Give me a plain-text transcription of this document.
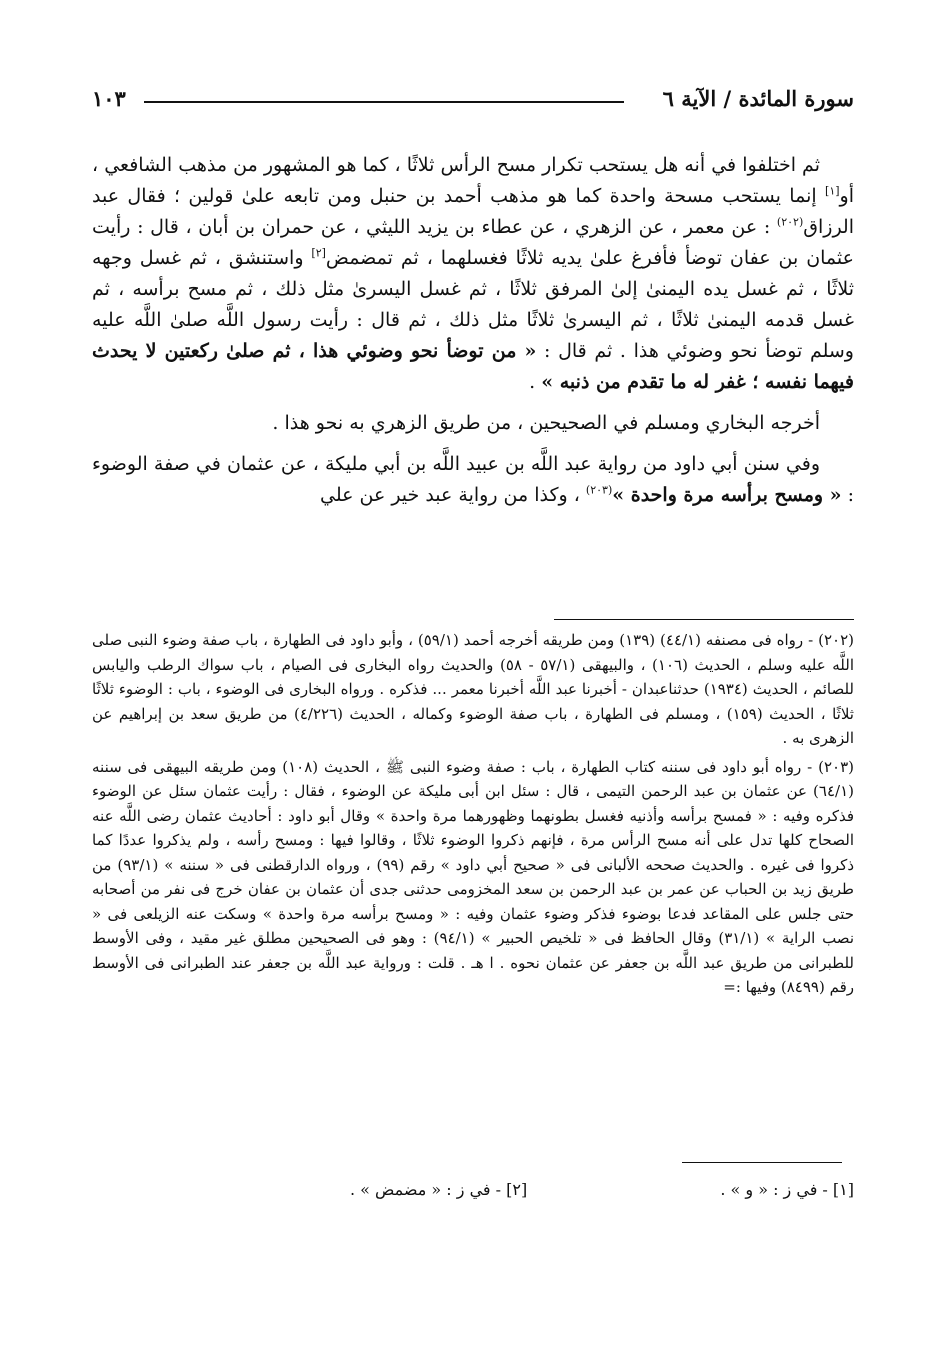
سورة المائدة / الآية ٦
١٠٣

ثم اختلفوا في أنه هل يستحب تكرار مسح الرأس ثلاثًا ، كما هو المشهور من مذهب الشافعي ، أو[١] إنما يستحب مسحة واحدة كما هو مذهب أحمد بن حنبل ومن تابعه علىٰ قولين ؛ فقال عبد الرزاق$^{(٢٠٢)}$ : عن معمر ، عن الزهري ، عن عطاء بن يزيد الليثي ، عن حمران بن أبان ، قال : رأيت عثمان بن عفان توضأ فأفرغ علىٰ يديه ثلاثًا فغسلهما ، ثم تمضمض[٢] واستنشق ، ثم غسل وجهه ثلاثًا ، ثم غسل يده اليمنىٰ إلىٰ المرفق ثلاثًا ، ثم غسل اليسرىٰ مثل ذلك ، ثم مسح برأسه ، ثم غسل قدمه اليمنىٰ ثلاثًا ، ثم اليسرىٰ ثلاثًا مثل ذلك ، ثم قال : رأيت رسول اللَّه صلىٰ اللَّه عليه وسلم توضأ نحو وضوئي هذا . ثم قال : « من توضأ نحو وضوئي هذا ، ثم صلىٰ ركعتين لا يحدث فيهما نفسه ؛ غفر له ما تقدم من ذنبه » .

أخرجه البخاري ومسلم في الصحيحين ، من طريق الزهري به نحو هذا .

وفي سنن أبي داود من رواية عبد اللَّه بن عبيد اللَّه بن أبي مليكة ، عن عثمان في صفة الوضوء : « ومسح برأسه مرة واحدة »$^{(٢٠٣)}$ ، وكذا من رواية عبد خير عن علي

(٢٠٢) - رواه فى مصنفه (٤٤/١) (١٣٩) ومن طريقه أخرجه أحمد (٥٩/١) ، وأبو داود فى الطهارة ، باب صفة وضوء النبى صلى اللَّه عليه وسلم ، الحديث (١٠٦) ، والبيهقى (٥٧/١ - ٥٨) والحديث رواه البخارى فى الصيام ، باب سواك الرطب واليابس للصائم ، الحديث (١٩٣٤) حدثناعبدان - أخبرنا عبد اللَّه أخبرنا معمر ... فذكره . ورواه البخارى فى الوضوء ، باب : الوضوء ثلاثًا ثلاثًا ، الحديث (١٥٩) ، ومسلم فى الطهارة ، باب صفة الوضوء وكماله ، الحديث (٤/٢٢٦) من طريق سعد بن إبراهيم عن الزهرى به .

(٢٠٣) - رواه أبو داود فى سننه كتاب الطهارة ، باب : صفة وضوء النبى ﷺ ، الحديث (١٠٨) ومن طريقه البيهقى فى سننه (٦٤/١) عن عثمان بن عبد الرحمن التيمى ، قال : سئل ابن أبى مليكة عن الوضوء ، فقال : رأيت عثمان سئل عن الوضوء فذكره وفيه : « فمسح برأسه وأذنيه فغسل بطونهما وظهورهما مرة واحدة » وقال أبو داود : أحاديث عثمان رضى اللَّه عنه الصحاح كلها تدل على أنه مسح الرأس مرة ، فإنهم ذكروا الوضوء ثلاثًا ، وقالوا فيها : ومسح رأسه ، ولم يذكروا عددًا كما ذكروا فى غيره . والحديث صححه الألبانى فى « صحيح أبي داود » رقم (٩٩) ، ورواه الدارقطنى فى « سننه » (٩٣/١) من طريق زيد بن الحباب عن عمر بن عبد الرحمن بن سعد المخزومى حدثنى جدى أن عثمان بن عفان خرج فى نفر من أصحابه حتى جلس على المقاعد فدعا بوضوء فذكر وضوء عثمان وفيه : « ومسح برأسه مرة واحدة » وسكت عنه الزيلعى فى « نصب الراية » (٣١/١) وقال الحافظ فى « تلخيص الحبير » (٩٤/١) : وهو فى الصحيحين مطلق غير مقيد ، وفى الأوسط للطبرانى من طريق عبد اللَّه بن جعفر عن عثمان نحوه . ا هـ . قلت : ورواية عبد اللَّه بن جعفر عند الطبرانى فى الأوسط رقم (٨٤٩٩) وفيها :=

[١] - في ز : « و » .
[٢] - في ز : « مضمض » .
